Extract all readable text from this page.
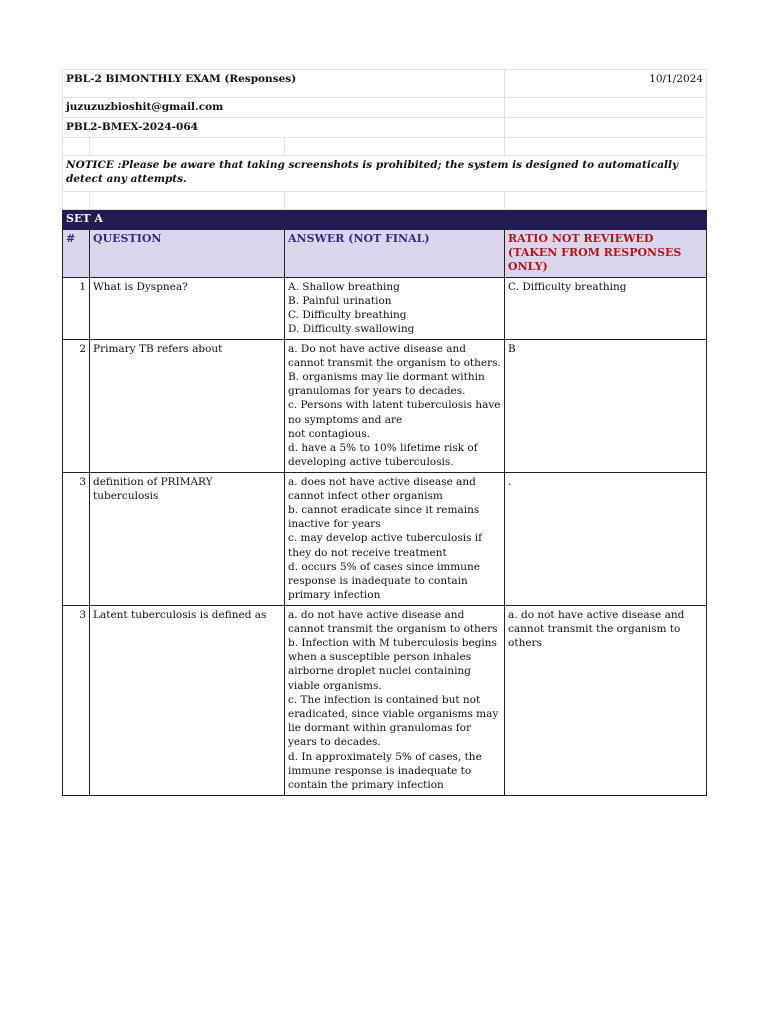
PBL-2 BIMONTHLY EXAM (Responses)			10/1/2024
juzuzuzbioshit@gmail.com			
PBL2-BMEX-2024-064			

NOTICE :Please be aware that taking screenshots is prohibited; the system is designed to automatically detect any attempts.			

SET A			
#	QUESTION	ANSWER (NOT FINAL)	RATIO NOT REVIEWED (TAKEN FROM RESPONSES ONLY)
1	What is Dyspnea?	A. Shallow breathing
B. Painful urination
C. Difficulty breathing
D. Difficulty swallowing	C. Difficulty breathing
2	Primary TB refers about	a. Do not have active disease and cannot transmit the organism to others.
B. organisms may lie dormant within granulomas for years to decades.
c. Persons with latent tuberculosis have no symptoms and are
not contagious.
d. have a 5% to 10% lifetime risk of developing active tuberculosis.	B
3	definition of PRIMARY tuberculosis	a. does not have active disease and cannot infect other organism
b. cannot eradicate since it remains inactive for years
c. may develop active tuberculosis if they do not receive treatment
d. occurs 5% of cases since immune response is inadequate to contain primary infection	.
3	Latent tuberculosis is defined as	a. do not have active disease and cannot transmit the organism to others
b. Infection with M tuberculosis begins when a susceptible person inhales airborne droplet nuclei containing viable organisms.
c. The infection is contained but not eradicated, since viable organisms may lie dormant within granulomas for years to decades.
d. In approximately 5% of cases, the immune response is inadequate to contain the primary infection	a. do not have active disease and cannot transmit the organism to others
